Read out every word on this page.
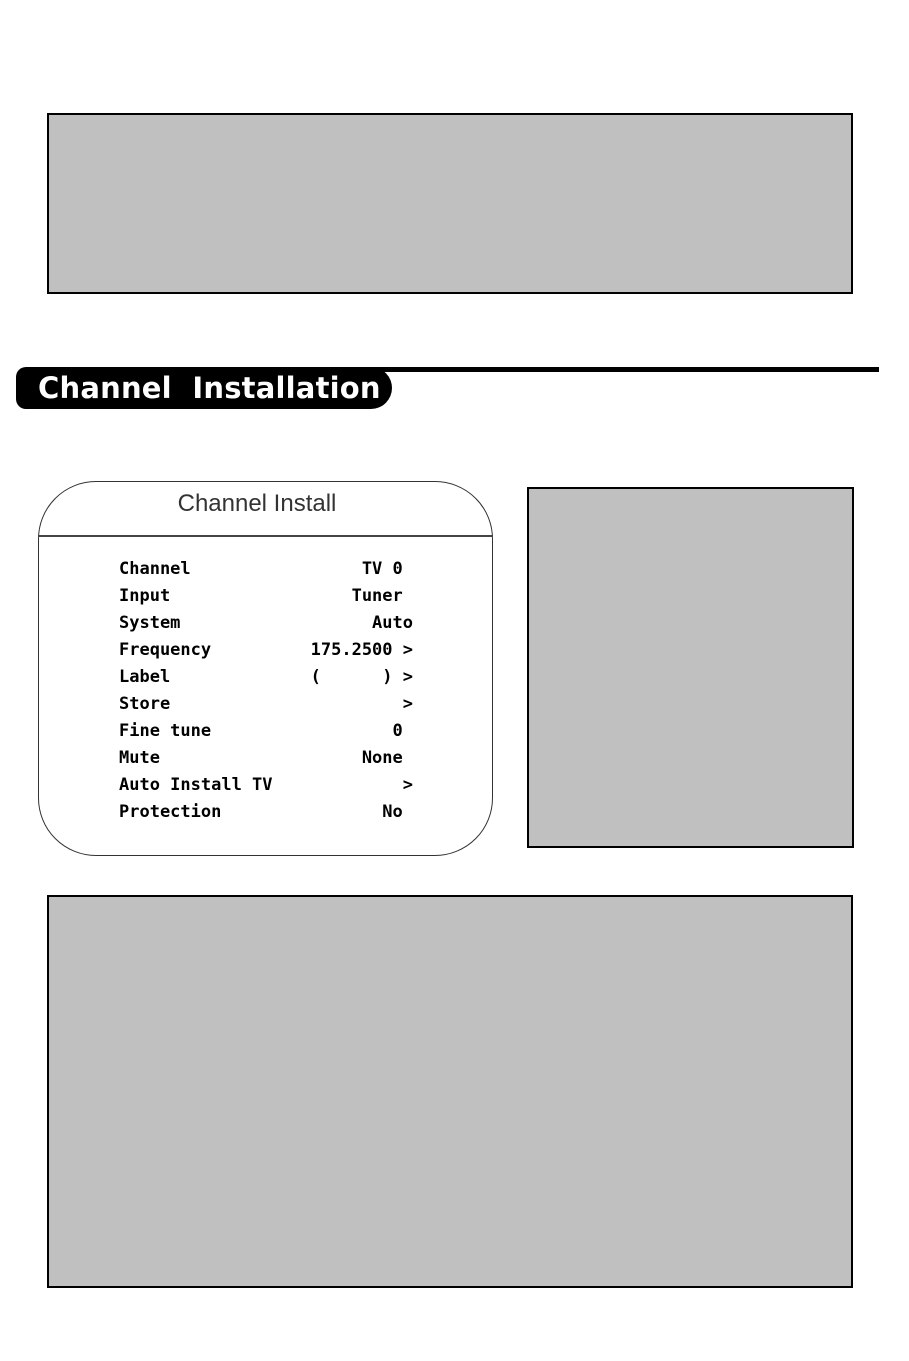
Channel  Installation
Channel Install
Channel	TV 0
Input	Tuner
System	Auto
Frequency	175.2500 >
Label	(      ) >
Store	>
Fine tune	0
Mute	None
Auto Install TV	>
Protection	No
